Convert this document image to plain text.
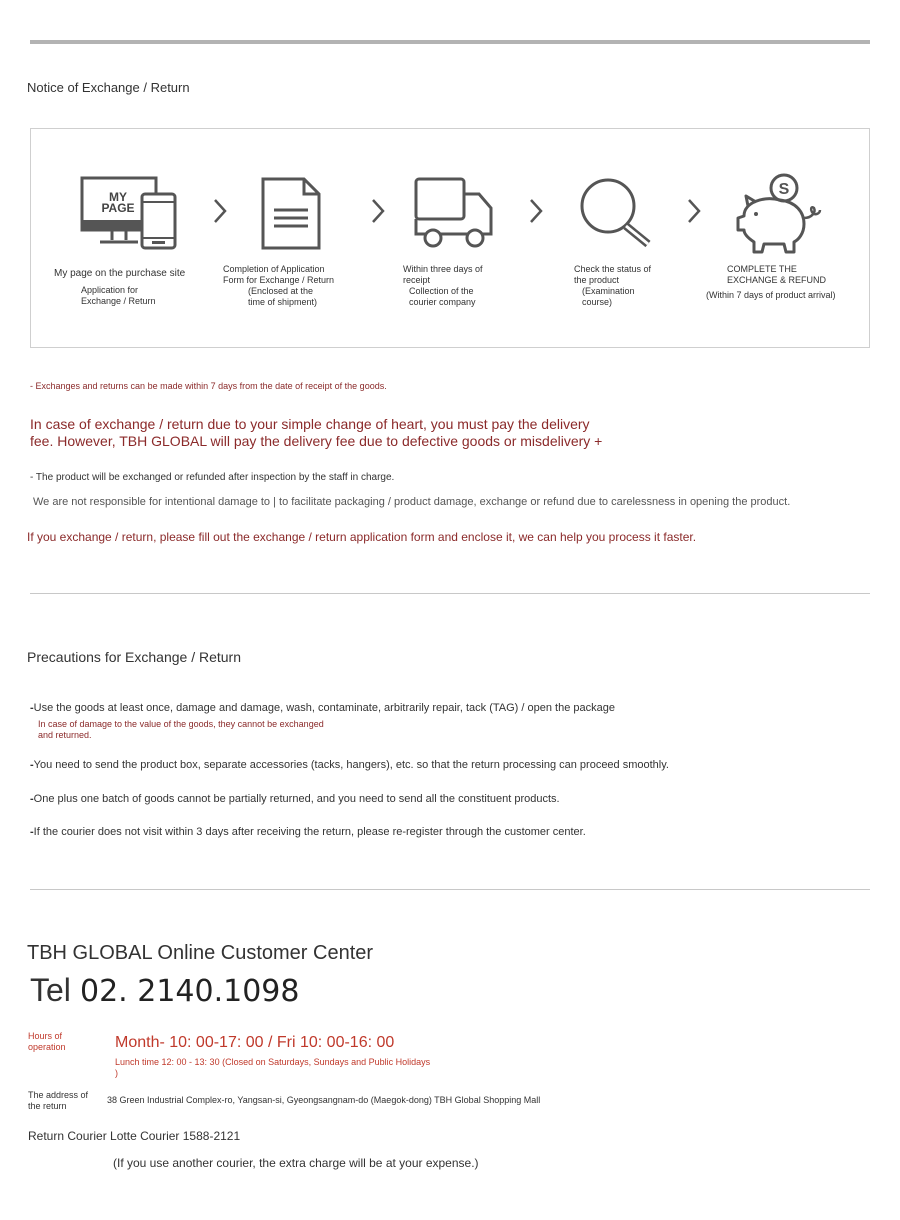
Notice of Exchange / Return
MY
PAGE
My page on the purchase site
Application for
Exchange / Return
Completion of Application
Form for Exchange / Return
(Enclosed at the
time of shipment)
Within three days of
receipt
Collection of the
courier company
Check the status of
the product
(Examination
course)
S
COMPLETE THE
EXCHANGE & REFUND
(Within 7 days of product arrival)
- Exchanges and returns can be made within 7 days from the date of receipt of the goods.
In case of exchange / return due to your simple change of heart, you must pay the delivery
fee. However, TBH GLOBAL will pay the delivery fee due to defective goods or misdelivery +
- The product will be exchanged or refunded after inspection by the staff in charge.
We are not responsible for intentional damage to | to facilitate packaging / product damage, exchange or refund due to carelessness in opening the product.
If you exchange / return, please fill out the exchange / return application form and enclose it, we can help you process it faster.
Precautions for Exchange / Return
-Use the goods at least once, damage and damage, wash, contaminate, arbitrarily repair, tack (TAG) / open the package
In case of damage to the value of the goods, they cannot be exchanged
and returned.
-You need to send the product box, separate accessories (tacks, hangers), etc. so that the return processing can proceed smoothly.
-One plus one batch of goods cannot be partially returned, and you need to send all the constituent products.
-If the courier does not visit within 3 days after receiving the return, please re-register through the customer center.
TBH GLOBAL Online Customer Center
Tel 02. 2140.1098
Hours of
operation	Month- 10: 00-17: 00 / Fri 10: 00-16: 00
Lunch time 12: 00 - 13: 30 (Closed on Saturdays, Sundays and Public Holidays
)
The address of
the return
38 Green Industrial Complex-ro, Yangsan-si, Gyeongsangnam-do (Maegok-dong) TBH Global Shopping Mall
Return Courier Lotte Courier 1588-2121
(If you use another courier, the extra charge will be at your expense.)
